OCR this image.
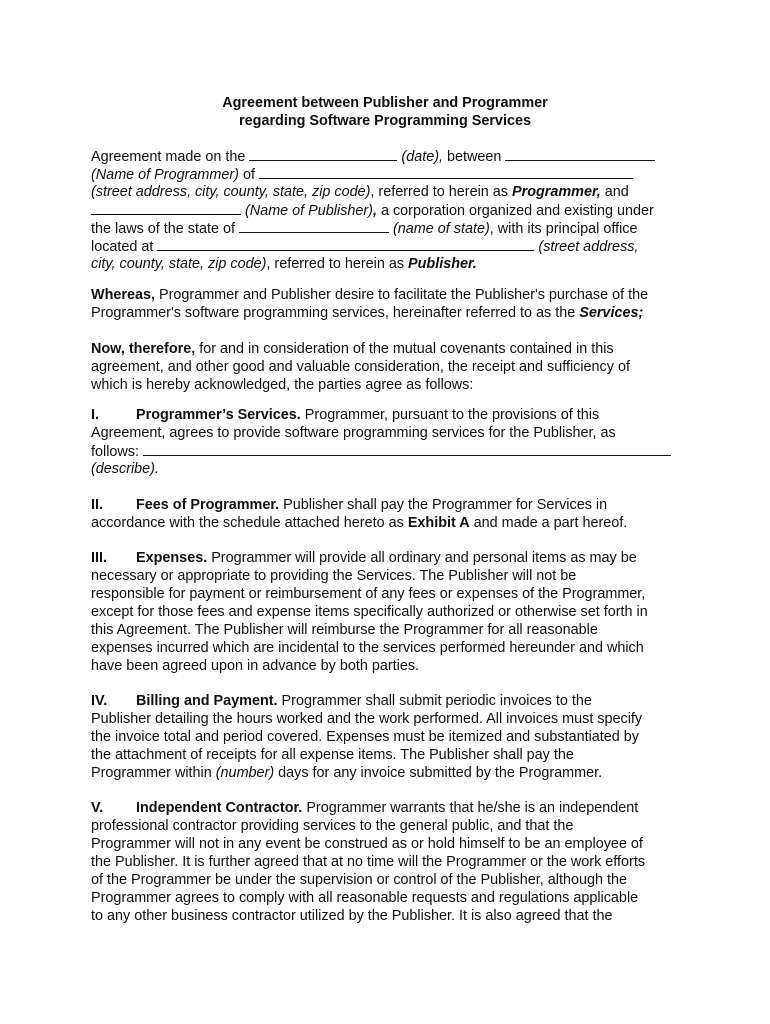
Agreement between Publisher and Programmer
regarding Software Programming Services
Agreement made on the	(date), between
(Name of Programmer) of
(street address, city, county, state, zip code), referred to herein as Programmer, and
(Name of Publisher), a corporation organized and existing under
the laws of the state of	(name of state), with its principal office
located at	(street address,
city, county, state, zip code), referred to herein as Publisher.
Whereas, Programmer and Publisher desire to facilitate the Publisher's purchase of the
Programmer's software programming services, hereinafter referred to as the Services;
Now, therefore, for and in consideration of the mutual covenants contained in this
agreement, and other good and valuable consideration, the receipt and sufficiency of
which is hereby acknowledged, the parties agree as follows:
I.	Programmer’s Services. Programmer, pursuant to the provisions of this
Agreement, agrees to provide software programming services for the Publisher, as
follows:
(describe).
II. Fees of Programmer. Publisher shall pay the Programmer for Services in
accordance with the schedule attached hereto as Exhibit A and made a part hereof.
III. Expenses. Programmer will provide all ordinary and personal items as may be
necessary or appropriate to providing the Services. The Publisher will not be
responsible for payment or reimbursement of any fees or expenses of the Programmer,
except for those fees and expense items specifically authorized or otherwise set forth in
this Agreement. The Publisher will reimburse the Programmer for all reasonable
expenses incurred which are incidental to the services performed hereunder and which
have been agreed upon in advance by both parties.
IV. Billing and Payment. Programmer shall submit periodic invoices to the
Publisher detailing the hours worked and the work performed. All invoices must specify
the invoice total and period covered. Expenses must be itemized and substantiated by
the attachment of receipts for all expense items. The Publisher shall pay the
Programmer within (number) days for any invoice submitted by the Programmer.
V. Independent Contractor. Programmer warrants that he/she is an independent
professional contractor providing services to the general public, and that the
Programmer will not in any event be construed as or hold himself to be an employee of
the Publisher. It is further agreed that at no time will the Programmer or the work efforts
of the Programmer be under the supervision or control of the Publisher, although the
Programmer agrees to comply with all reasonable requests and regulations applicable
to any other business contractor utilized by the Publisher. It is also agreed that the
